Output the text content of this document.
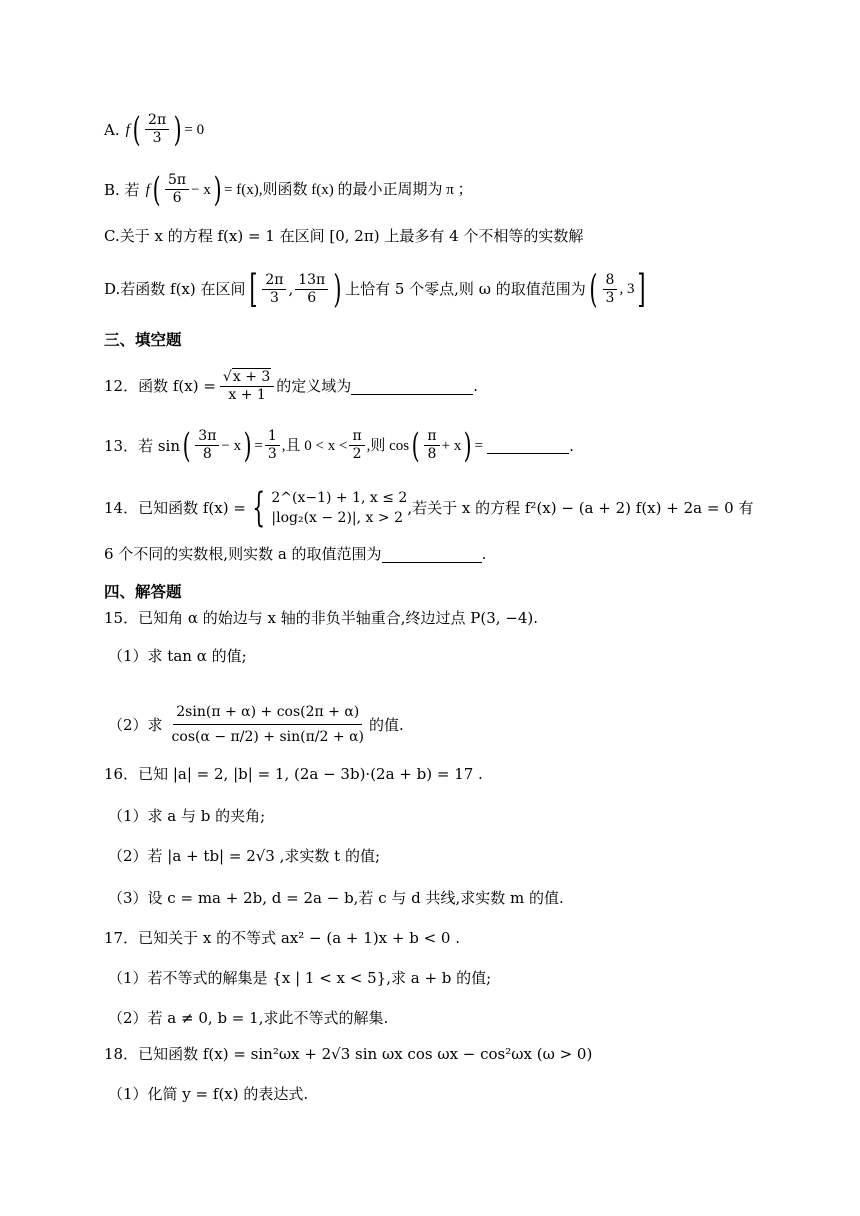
A. f ( $\frac{2\pi}{3}$ ) = 0
B. 若 f ( $\frac{5\pi}{6} - x$ ) = f(x),则函数 f(x) 的最小正周期为 π ；
C.关于 x 的方程 f(x) = 1 在区间 [0, 2π) 上最多有 4 个不相等的实数解
D.若函数 f(x) 在区间 [ $\frac{2\pi}{3}$ , $\frac{13\pi}{6}$ ) 上恰有 5 个零点,则 ω 的取值范围为 ( $\frac{8}{3}$ , 3 ]
三、填空题
12．函数 $f(x) = \frac{√ x + 3}{x + 1}$ 的定义域为	.
13．若 sin ( $\frac{3\pi}{8} - x$ ) = $\frac{1}{3}$ ,且 $0 < x < \frac{\pi}{2}$ ,则 cos ( $\frac{\pi}{8} + x$ ) =	.
14．已知函数 f(x) = { 2^(x−1) + 1, x ≤ 2
|log₂(x − 2)|, x > 2
,若关于 x 的方程 f²(x) − (a + 2) f(x) + 2a = 0 有
6 个不同的实数根,则实数 a 的取值范围为	.
四、解答题
15．已知角 α 的始边与 x 轴的非负半轴重合,终边过点 P(3, −4).
（1）求 tan α 的值;
（2）求 $\frac{2\sin(\pi + \alpha) + \cos(2\pi + \alpha)}{\cos(\alpha - \pi/2) + \sin(\pi/2 + \alpha)}$ 的值.
16．已知 |a| = 2, |b| = 1, (2a − 3b)·(2a + b) = 17 .
（1）求 a 与 b 的夹角;
（2）若 |a + tb| = 2√3 ,求实数 t 的值;
（3）设 c = ma + 2b, d = 2a − b,若 c 与 d 共线,求实数 m 的值.
17．已知关于 x 的不等式 ax² − (a + 1)x + b < 0 .
（1）若不等式的解集是 {x | 1 < x < 5},求 a + b 的值;
（2）若 a ≠ 0, b = 1,求此不等式的解集.
18．已知函数 f(x) = sin²ωx + 2√3 sin ωx cos ωx − cos²ωx (ω > 0)
（1）化简 y = f(x) 的表达式.
